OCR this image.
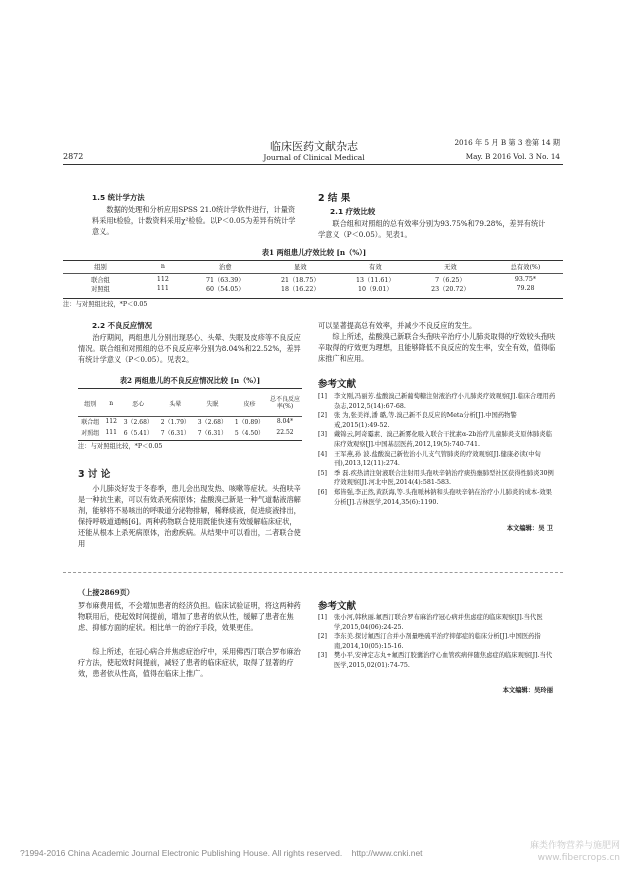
临床医药文献杂志
Journal of Clinical Medical
2872
2016 年 5 月 B 第 3 卷第 14 期
May. B 2016 Vol. 3 No. 14
1.5 统计学方法

数据的处理和分析应用SPSS 21.0统计学软件进行，计量资料采用t检验，计数资料采用χ²检验。以P＜0.05为差异有统计学意义。

2 结 果
2.1 疗效比较

联合组和对照组的总有效率分别为93.75%和79.28%，差异有统计学意义（P＜0.05）。见表1。

表1 两组患儿疗效比较 [n（%）]
组别	n	治愈	显效	有效	无效	总有效(%)

联合组	112	71（63.39）	21（18.75）	13（11.61）	7（6.25）	93.75*
对照组	111	60（54.05）	18（16.22）	10（9.01）	23（20.72）	79.28
注：与对照组比较，*P＜0.05
2.2 不良反应情况

治疗期间，两组患儿分别出现恶心、头晕、失眠及皮疹等不良反应情况。联合组和对照组的总不良反应率分别为8.04%和22.52%，差异有统计学意义（P＜0.05）。见表2。

表2 两组患儿的不良反应情况比较 [n（%）]
组别	n	恶心	头晕	失眠	皮疹	总不良反应率(%)
联合组	112	3（2.68）	2（1.79）	3（2.68）	1（0.89）	8.04*
对照组	111	6（5.41）	7（6.31）	7（6.31）	5（4.50）	22.52
注：与对照组比较，*P＜0.05
3 讨 论

小儿肺炎好发于冬春季，患儿会出现发热、咳嗽等症状。头孢呋辛是一种抗生素，可以有效杀死病原体；盐酸溴己新是一种气道黏液溶解剂，能够将不易咳出的呼吸道分泌物排解，稀释痰液，促进痰液排出，保持呼吸道通畅[6]。两种药物联合使用既能快速有效缓解临床症状，还能从根本上杀死病原体，治愈疾病。从结果中可以看出，二者联合使用

可以显著提高总有效率，并减少不良反应的发生。

综上所述，盐酸溴己新联合头孢呋辛治疗小儿肺炎取得的疗效较头孢呋辛取得的疗效更为理想，且能够降低不良反应的发生率，安全有效，值得临床推广和应用。

参考文献
[1]	李文刚,冯丽芳.盐酸溴己新葡萄糖注射液治疗小儿肺炎疗效观察[J].临床合理用药杂志,2012,5(14):67-68.
[2]	张 为,张美祥,潘 璐,等.溴己新不良反应的Meta分析[J].中国药物警戒,2015(1):49-52.
[3]	戴锦云,阿奇霉素、溴己新雾化吸入联合干扰素α-2b治疗儿童肺炎支原体肺炎临床疗效观察[J].中国基层医药,2012,19(5):740-741.
[4]	王军燕,孙 波.盐酸溴己新佐治小儿支气管肺炎的疗效观察[J].健康必读(中旬刊),2013,12(11):274.
[5]	季 磊.疾热清注射液联合注射用头孢呋辛钠治疗痰热壅肺型社区获得性肺炎30例疗效观察[J].河北中医,2014(4):581-583.
[6]	郑皆强,李正然,黄跃海,等.头孢哌林钠和头孢呋辛钠在治疗小儿肺炎的成本-效果分析[J].吉林医学,2014,35(6):1190.
本文编辑：吴 卫
（上接2869页）

罗布麻费用低，不会增加患者的经济负担。临床试验证明，将这两种药物联用后，使起效时间提前，增加了患者的依从性，缓解了患者在焦虑、抑郁方面的症状。相比单一的治疗手段，效果更佳。

综上所述，在冠心病合并焦虑症治疗中，采用佛西汀联合罗布麻治疗方法，使起效时间提前，减轻了患者的临床症状，取得了显著的疗效，患者依从性高，值得在临床上推广。

参考文献
[1]	张小河,韩秋丽.氟西汀联合罗布麻治疗冠心病并焦虑症的临床观察[J].当代医学,2015,04(06):24-25.
[2]	李东美.探讨氟西汀合并小剂量唑硫平治疗抑郁症的临床分析[J].中国医药指南,2014,10(05):15-16.
[3]	樊小平,安神定志丸+氟西汀胶囊治疗心血管疾病伴随焦虑症的临床观察[J].当代医学,2015,02(01):74-75.
本文编辑：吴玲丽
?1994-2016 China Academic Journal Electronic Publishing House. All rights reserved.    http://www.cnki.net
麻类作物营养与施肥网 www.fibercrops.cn
